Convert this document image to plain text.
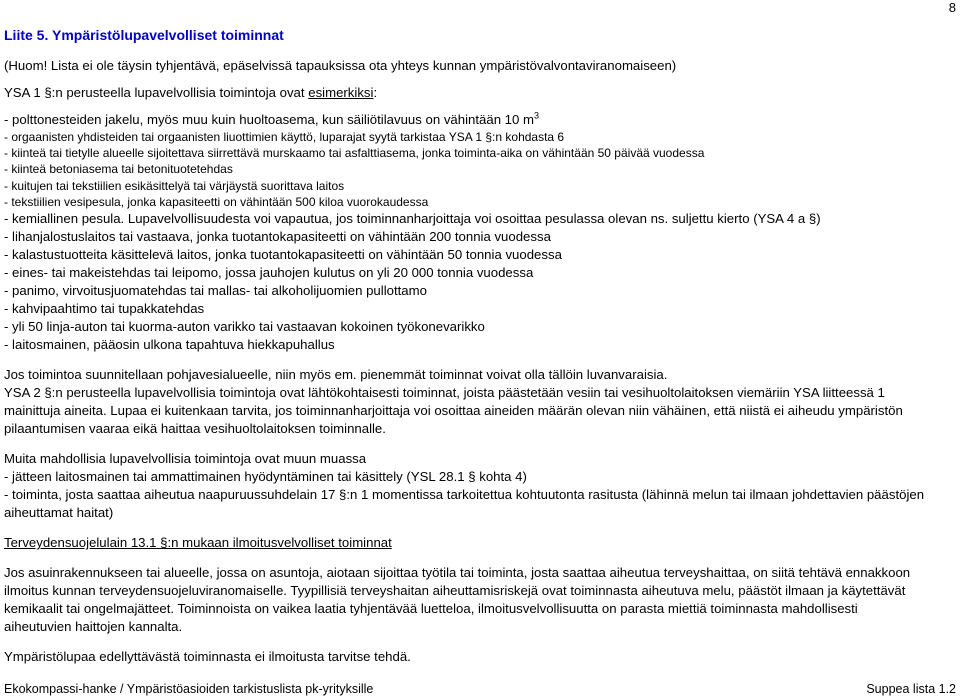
8
Liite 5. Ympäristölupavelvolliset toiminnat
(Huom! Lista ei ole täysin tyhjentävä, epäselvissä tapauksissa ota yhteys kunnan ympäristövalvontaviranomaiseen)
YSA 1 §:n perusteella lupavelvollisia toimintoja ovat esimerkiksi:
- polttonesteiden jakelu, myös muu kuin huoltoasema, kun säiliötilavuus on vähintään 10 $m^3$
- orgaanisten yhdisteiden tai orgaanisten liuottimien käyttö, luparajat syytä tarkistaa YSA 1 §:n kohdasta 6
- kiinteä tai tietylle alueelle sijoitettava siirrettävä murskaamo tai asfalttiasema, jonka toiminta-aika on vähintään 50 päivää vuodessa
- kiinteä betoniasema tai betonituotetehdas
- kuitujen tai tekstiilien esikäsittelyä tai värjäystä suorittava laitos
- tekstiilien vesipesula, jonka kapasiteetti on vähintään 500 kiloa vuorokaudessa
- kemiallinen pesula. Lupavelvollisuudesta voi vapautua, jos toiminnanharjoittaja voi osoittaa pesulassa olevan ns. suljettu kierto (YSA 4 a §)
- lihanjalostuslaitos tai vastaava, jonka tuotantokapasiteetti on vähintään 200 tonnia vuodessa
- kalastustuotteita käsittelevä laitos, jonka tuotantokapasiteetti on vähintään 50 tonnia vuodessa
- eines- tai makeistehdas tai leipomo, jossa jauhojen kulutus on yli 20 000 tonnia vuodessa
- panimo, virvoitusjuomatehdas tai mallas- tai alkoholijuomien pullottamo
- kahvipaahtimo tai tupakkatehdas
- yli 50 linja-auton tai kuorma-auton varikko tai vastaavan kokoinen työkonevarikko
- laitosmainen, pääosin ulkona tapahtuva hiekkapuhallus
Jos toimintoa suunnitellaan pohjavesialueelle, niin myös em. pienemmät toiminnat voivat olla tällöin luvanvaraisia.
YSA 2 §:n perusteella lupavelvollisia toimintoja ovat lähtökohtaisesti toiminnat, joista päästetään vesiin tai vesihuoltolaitoksen viemäriin YSA liitteessä 1
mainittuja aineita. Lupaa ei kuitenkaan tarvita, jos toiminnanharjoittaja voi osoittaa aineiden määrän olevan niin vähäinen, että niistä ei aiheudu ympäristön
pilaantumisen vaaraa eikä haittaa vesihuoltolaitoksen toiminnalle.
Muita mahdollisia lupavelvollisia toimintoja ovat muun muassa
- jätteen laitosmainen tai ammattimainen hyödyntäminen tai käsittely (YSL 28.1 § kohta 4)
- toiminta, josta saattaa aiheutua naapuruussuhdelain 17 §:n 1 momentissa tarkoitettua kohtuutonta rasitusta (lähinnä melun tai ilmaan johdettavien päästöjen
aiheuttamat haitat)
Terveydensuojelulain 13.1 §:n mukaan ilmoitusvelvolliset toiminnat
Jos asuinrakennukseen tai alueelle, jossa on asuntoja, aiotaan sijoittaa työtila tai toiminta, josta saattaa aiheutua terveyshaittaa, on siitä tehtävä ennakkoon
ilmoitus kunnan terveydensuojeluviranomaiselle. Tyypillisiä terveyshaitan aiheuttamisriskejä ovat toiminnasta aiheutuva melu, päästöt ilmaan ja käytettävät
kemikaalit tai ongelmajätteet. Toiminnoista on vaikea laatia tyhjentävää luetteloa, ilmoitusvelvollisuutta on parasta miettiä toiminnasta mahdollisesti
aiheutuvien haittojen kannalta.
Ympäristölupaa edellyttävästä toiminnasta ei ilmoitusta tarvitse tehdä.
Ekokompassi-hanke / Ympäristöasioiden tarkistuslista pk-yrityksille	Suppea lista 1.2
